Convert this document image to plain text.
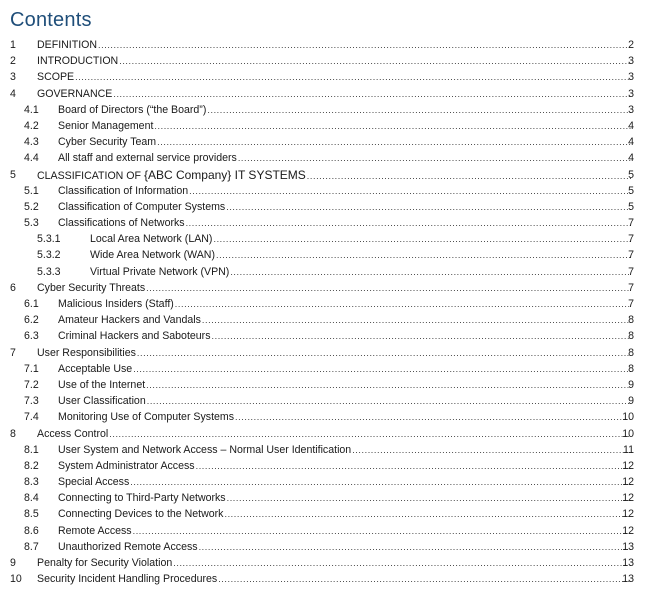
Contents
1 DEFINITION .....	2
2 INTRODUCTION .....	3
3 SCOPE .....	3
4 GOVERNANCE .....	3
4.1 Board of Directors (“the Board”) .....	3
4.2 Senior Management .....	4
4.3 Cyber Security Team .....	4
4.4 All staff and external service providers .....	4
5 CLASSIFICATION OF {ABC Company} IT SYSTEMS .....	5
5.1 Classification of Information .....	5
5.2 Classification of Computer Systems .....	5
5.3 Classifications of Networks .....	7
5.3.1	Local Area Network (LAN) .....	7
5.3.2	Wide Area Network (WAN) .....	7
5.3.3	Virtual Private Network (VPN) .....	7
6 Cyber Security Threats .....	7
6.1 Malicious Insiders (Staff) .....	7
6.2 Amateur Hackers and Vandals .....	8
6.3 Criminal Hackers and Saboteurs .....	8
7 User Responsibilities .....	8
7.1 Acceptable Use .....	8
7.2 Use of the Internet .....	9
7.3 User Classification .....	9
7.4 Monitoring Use of Computer Systems .....	10
8 Access Control .....	10
8.1 User System and Network Access – Normal User Identification .....	11
8.2 System Administrator Access .....	12
8.3 Special Access .....	12
8.4 Connecting to Third-Party Networks .....	12
8.5 Connecting Devices to the Network .....	12
8.6 Remote Access .....	12
8.7 Unauthorized Remote Access .....	13
9 Penalty for Security Violation .....	13
10 Security Incident Handling Procedures .....	13
